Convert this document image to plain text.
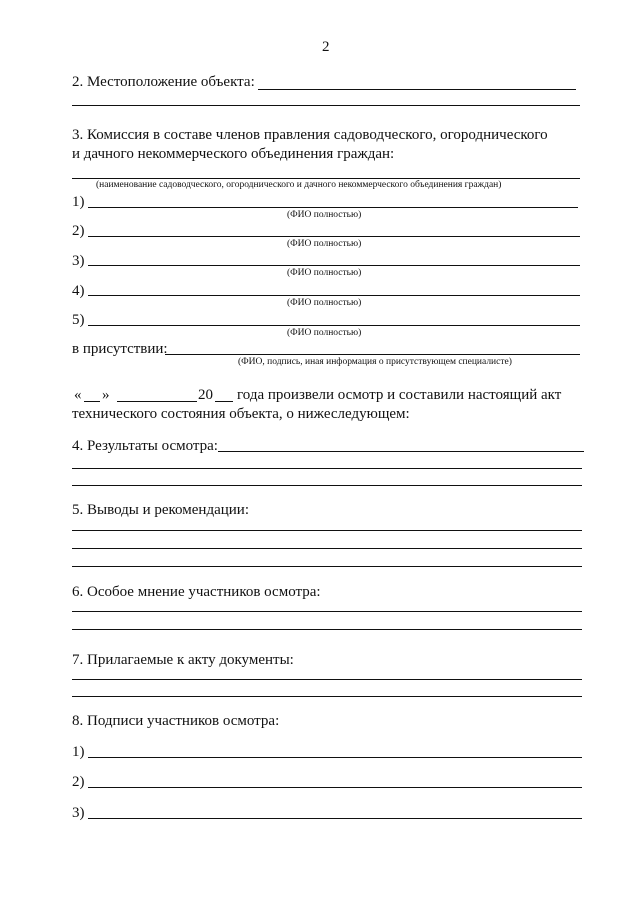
2
2. Местоположение объекта:
3. Комиссия в составе членов правления садоводческого, огороднического
и дачного некоммерческого объединения граждан:
(наименование садоводческого, огороднического и дачного некоммерческого объединения граждан)
1)
(ФИО полностью)
2)
(ФИО полностью)
3)
(ФИО полностью)
4)
(ФИО полностью)
5)
(ФИО полностью)
в присутствии:
(ФИО, подпись, иная информация о присутствующем специалисте)
« »	20 года произвели осмотр и составили настоящий акт
технического состояния объекта, о нижеследующем:
4. Результаты осмотра:
5. Выводы и рекомендации:
6. Особое мнение участников осмотра:
7. Прилагаемые к акту документы:
8. Подписи участников осмотра:
1)
2)
3)
